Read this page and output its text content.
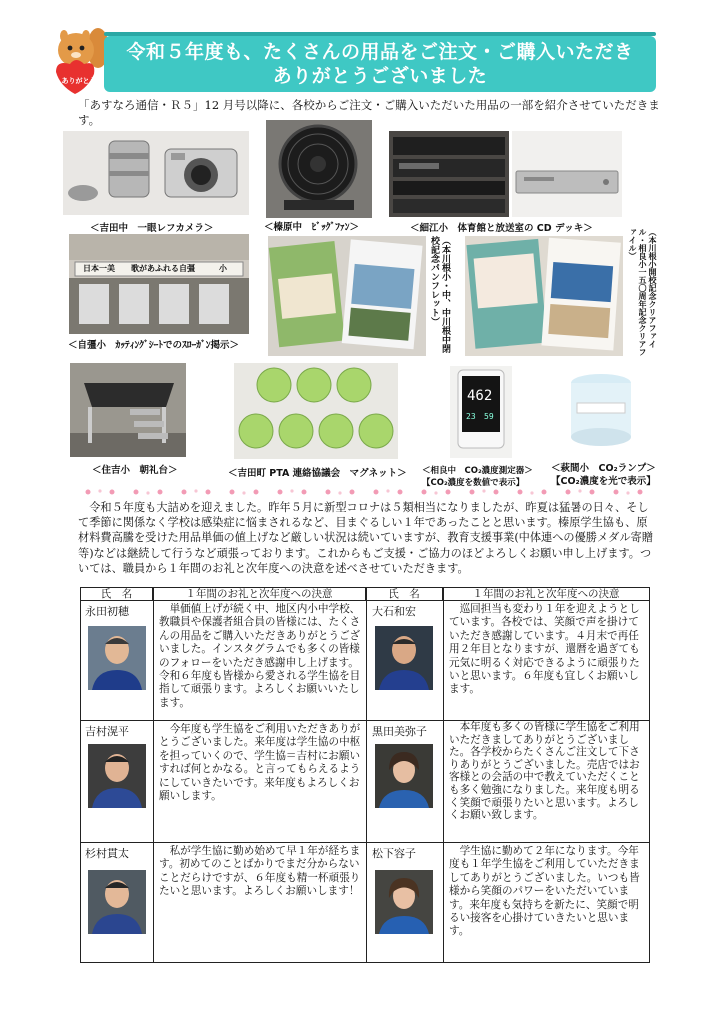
ありがとう
令和５年度も、たくさんの用品をご注文・ご購入いただき
ありがとうございました
「あすなろ通信・Ｒ５」12 月号以降に、各校からご注文・ご購入いただいた用品の一部を紹介させていただきます。
＜吉田中　一眼レフカメラ＞	＜榛原中　ﾋﾞｯｸﾞﾌｧﾝ＞	＜細江小　体育館と放送室の CD デッキ＞	（本川根小開校記念クリアファイル・相良小一五〇周年記念クリアファイル）
日本一美 歌があふれる自彊	小	（本川根小・中、中川根中閉校記念パンフレット）
＜自彊小　ｶｯﾃｨﾝｸﾞｼｰﾄでのｽﾛｰｶﾞﾝ掲示＞
462
23 59
＜住吉小　朝礼台＞	＜吉田町 PTA 連絡協議会　マグネット＞ ＜相良中　CO₂濃度測定器＞
【CO₂濃度を数値で表示】
＜萩間小　CO₂ランプ＞
【CO₂濃度を光で表示】
令和５年度も大詰めを迎えました。昨年５月に新型コロナは５類相当になりましたが、昨夏は猛暑の日々、そして季節に関係なく学校は感染症に悩まされるなど、目まぐるしい１年であったことと思います。榛原学生協も、原材料費高騰を受けた用品単価の値上げなど厳しい状況は続いていますが、教育支援事業(中体連への優勝メダル寄贈等)などは継続して行うなど頑張っております。これからもご支援・ご協力のほどよろしくお願い申し上げます。ついては、職員から１年間のお礼と次年度への決意を述べさせていただきます。
氏　名	１年間のお礼と次年度への決意	氏　名	１年間のお礼と次年度への決意
永田初穂	単価値上げが続く中、地区内小中学校、教職員や保護者組合員の皆様には、たくさんの用品をご購入いただきありがとうございました。インスタグラムでも多くの皆様のフォローをいただき感謝申し上げます。令和６年度も皆様から愛される学生協を目指して頑張ります。よろしくお願いいたします。
大石和宏	巡回担当も変わり１年を迎えようとしています。各校では、笑顔で声を掛けていただき感謝しています。４月末で再任用２年目となりますが、還暦を過ぎても元気に明るく対応できるように頑張りたいと思います。６年度も宜しくお願いします。
吉村滉平	今年度も学生協をご利用いただきありがとうございました。来年度は学生協の中枢を担っていくので、学生協＝吉村にお願いすれば何とかなる。と言ってもらえるようにしていきたいです。来年度もよろしくお願いします。
黒田美弥子	本年度も多くの皆様に学生協をご利用いただきましてありがとうございました。各学校からたくさんご注文して下さりありがとうございました。売店ではお客様との会話の中で教えていただくことも多く勉強になりました。来年度も明るく笑顔で頑張りたいと思います。よろしくお願い致します。
杉村貫太	私が学生協に勤め始めて早１年が経ちます。初めてのことばかりでまだ分からないことだらけですが、６年度も精一杯頑張りたいと思います。よろしくお願いします！
松下容子	学生協に勤めて２年になります。今年度も１年学生協をご利用していただきましてありがとうございました。いつも皆様から笑顔のパワーをいただいています。来年度も気持ちを新たに、笑顔で明るい接客を心掛けていきたいと思います。
